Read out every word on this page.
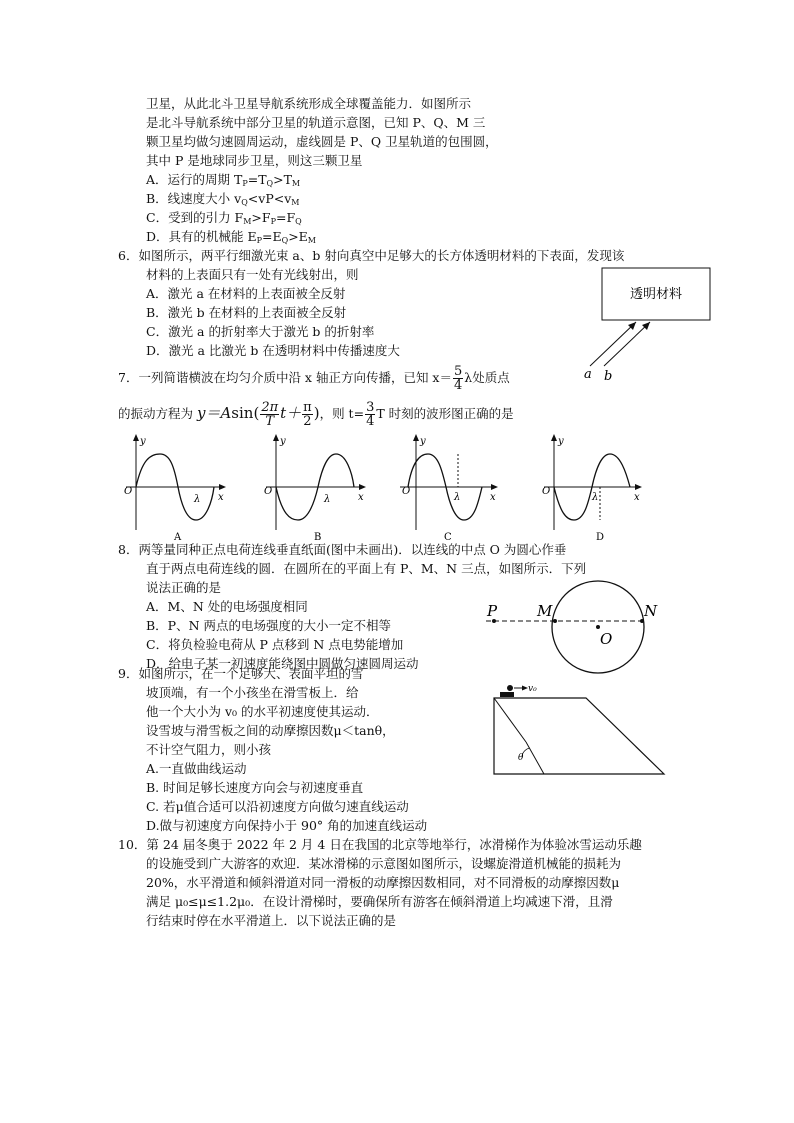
卫星，从此北斗卫星导航系统形成全球覆盖能力．如图所示
是北斗导航系统中部分卫星的轨道示意图，已知 P、Q、M 三
颗卫星均做匀速圆周运动，虚线圆是 P、Q 卫星轨道的包围圆，
其中 P 是地球同步卫星，则这三颗卫星
A．运行的周期 $T_P=T_Q>T_M$
B．线速度大小 $v_Q<vP<v_M$
C．受到的引力 $F_M>F_P=F_Q$
D．具有的机械能 $E_P=E_Q>E_M$
6．如图所示，两平行细激光束 a、b 射向真空中足够大的长方体透明材料的下表面，发现该
材料的上表面只有一处有光线射出，则
A．激光 a 在材料的上表面被全反射
B．激光 b 在材料的上表面被全反射
C．激光 a 的折射率大于激光 b 的折射率
D．激光 a 比激光 b 在透明材料中传播速度大
透明材料
a b
7．一列简谐横波在均匀介质中沿 x 轴正方向传播，已知 $x= \frac{5}{4}$ λ处质点
的振动方程为 $y=Asin( \frac{2\pi}{T} t+ \frac{\pi}{2}$ )，则 $t= \frac{3}{4}$ T 时刻的波形图正确的是
y
O
λ x
A
y
O
λ	x
B
y
O
λ	x
C
y
O
λ	x
D
8．两等量同种正点电荷连线垂直纸面(图中未画出)．以连线的中点 O 为圆心作垂
直于两点电荷连线的圆．在圆所在的平面上有 P、M、N 三点，如图所示．下列
说法正确的是
A．M、N 处的电场强度相同
B．P、N 两点的电场强度的大小一定不相等
C．将负检验电荷从 P 点移到 N 点电势能增加
D．给电子某一初速度能绕图中圆做匀速圆周运动
P	M	N
O
9．如图所示，在一个足够大、表面平坦的雪
坡顶端，有一个小孩坐在滑雪板上．给
他一个大小为 v₀ 的水平初速度使其运动．
设雪坡与滑雪板之间的动摩擦因数μ＜tanθ，
不计空气阻力，则小孩
A.一直做曲线运动
B. 时间足够长速度方向会与初速度垂直
C. 若μ值合适可以沿初速度方向做匀速直线运动
D.做与初速度方向保持小于 90° 角的加速直线运动
θ
v₀
10．第 24 届冬奥于 2022 年 2 月 4 日在我国的北京等地举行，冰滑梯作为体验冰雪运动乐趣
的设施受到广大游客的欢迎．某冰滑梯的示意图如图所示，设螺旋滑道机械能的损耗为
20%，水平滑道和倾斜滑道对同一滑板的动摩擦因数相同，对不同滑板的动摩擦因数μ
满足 μ₀≤μ≤1.2μ₀．在设计滑梯时，要确保所有游客在倾斜滑道上均减速下滑，且滑
行结束时停在水平滑道上．以下说法正确的是
